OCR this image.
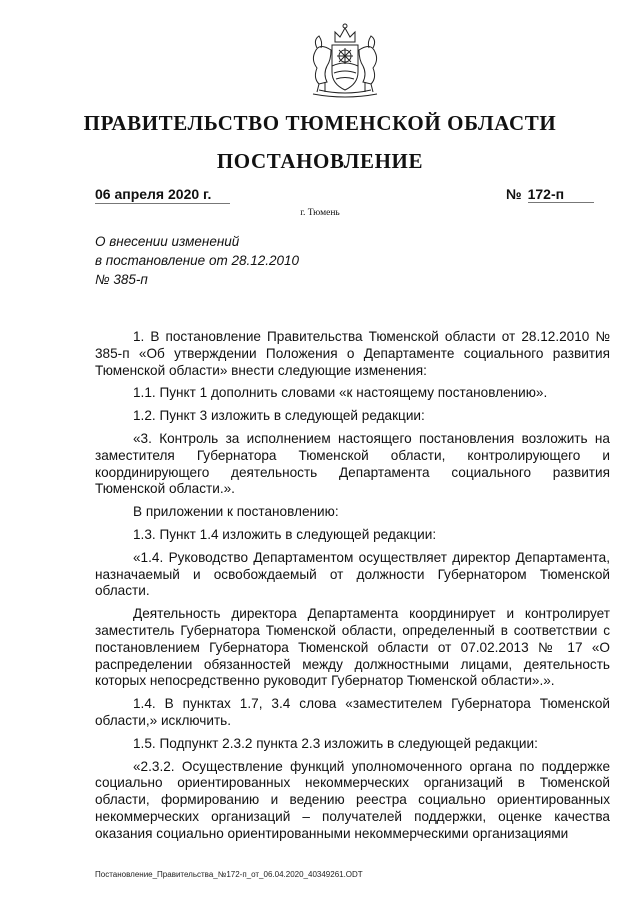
ПРАВИТЕЛЬСТВО ТЮМЕНСКОЙ ОБЛАСТИ
ПОСТАНОВЛЕНИЕ
06 апреля 2020 г.	№ 172-п
г. Тюмень
О внесении изменений
в постановление от 28.12.2010
№ 385-п

1. В постановление Правительства Тюменской области от 28.12.2010 № 385-п «Об утверждении Положения о Департаменте социального развития Тюменской области» внести следующие изменения:

1.1. Пункт 1 дополнить словами «к настоящему постановлению».

1.2. Пункт 3 изложить в следующей редакции:

«3. Контроль за исполнением настоящего постановления возложить на заместителя Губернатора Тюменской области, контролирующего и координирующего деятельность Департамента социального развития Тюменской области.».

В приложении к постановлению:

1.3. Пункт 1.4 изложить в следующей редакции:

«1.4. Руководство Департаментом осуществляет директор Департамента, назначаемый и освобождаемый от должности Губернатором Тюменской области.

Деятельность директора Департамента координирует и контролирует заместитель Губернатора Тюменской области, определенный в соответствии с постановлением Губернатора Тюменской области от 07.02.2013 № 17 «О распределении обязанностей между должностными лицами, деятельность которых непосредственно руководит Губернатор Тюменской области».».

1.4. В пунктах 1.7, 3.4 слова «заместителем Губернатора Тюменской области,» исключить.

1.5. Подпункт 2.3.2 пункта 2.3 изложить в следующей редакции:

«2.3.2. Осуществление функций уполномоченного органа по поддержке социально ориентированных некоммерческих организаций в Тюменской области, формированию и ведению реестра социально ориентированных некоммерческих организаций – получателей поддержки, оценке качества оказания социально ориентированными некоммерческими организациями

Постановление_Правительства_№172-п_от_06.04.2020_40349261.ODT
